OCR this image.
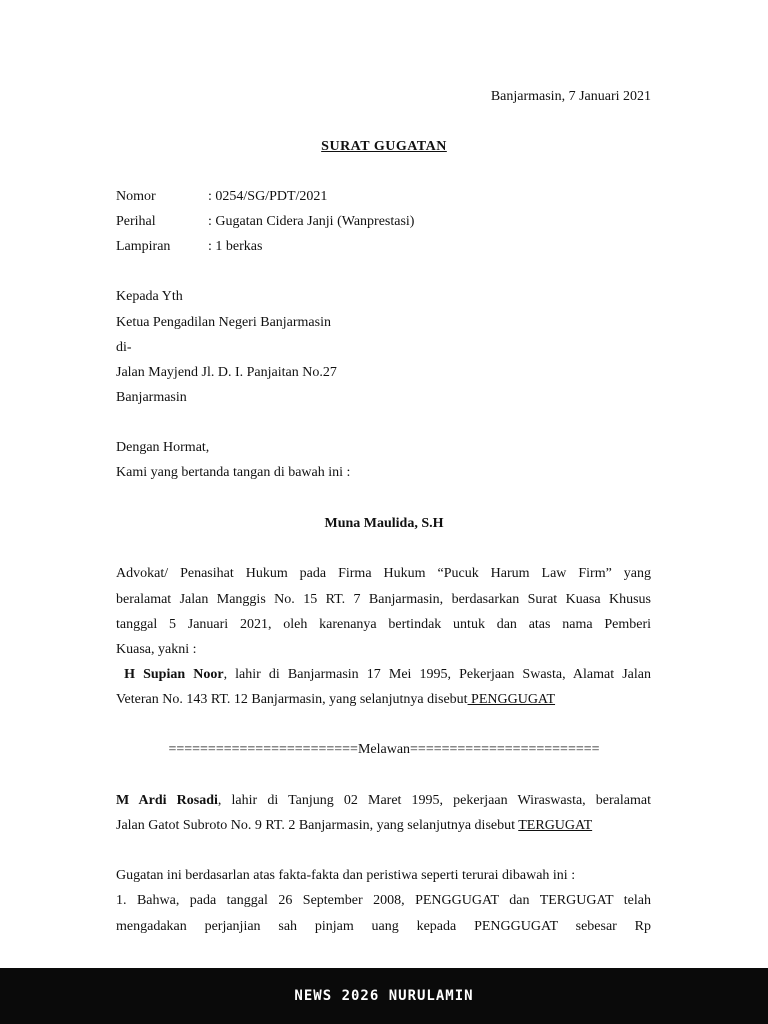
Banjarmasin, 7 Januari 2021
SURAT GUGATAN
Nomor	: 0254/SG/PDT/2021
Perihal	: Gugatan Cidera Janji (Wanprestasi)
Lampiran	: 1 berkas
Kepada Yth
Ketua Pengadilan Negeri Banjarmasin
di-
Jalan Mayjend Jl. D. I. Panjaitan No.27
Banjarmasin
Dengan Hormat,
Kami yang bertanda tangan di bawah ini :
Muna Maulida, S.H
Advokat/ Penasihat Hukum pada Firma Hukum “Pucuk Harum Law Firm” yang
beralamat Jalan Manggis No. 15 RT. 7 Banjarmasin, berdasarkan Surat Kuasa Khusus
tanggal 5 Januari 2021, oleh karenanya bertindak untuk dan atas nama Pemberi
Kuasa, yakni :
H Supian Noor, lahir di Banjarmasin 17 Mei 1995, Pekerjaan Swasta, Alamat Jalan
Veteran No. 143 RT. 12 Banjarmasin, yang selanjutnya disebut PENGGUGAT
========================Melawan========================
M Ardi Rosadi, lahir di Tanjung 02 Maret 1995, pekerjaan Wiraswasta, beralamat
Jalan Gatot Subroto No. 9 RT. 2 Banjarmasin, yang selanjutnya disebut TERGUGAT
Gugatan ini berdasarlan atas fakta-fakta dan peristiwa seperti terurai dibawah ini :
1. Bahwa, pada tanggal 26 September 2008, PENGGUGAT dan TERGUGAT telah
mengadakan perjanjian sah pinjam uang kepada PENGGUGAT sebesar Rp
NEWS 2026 NURULAMIN
